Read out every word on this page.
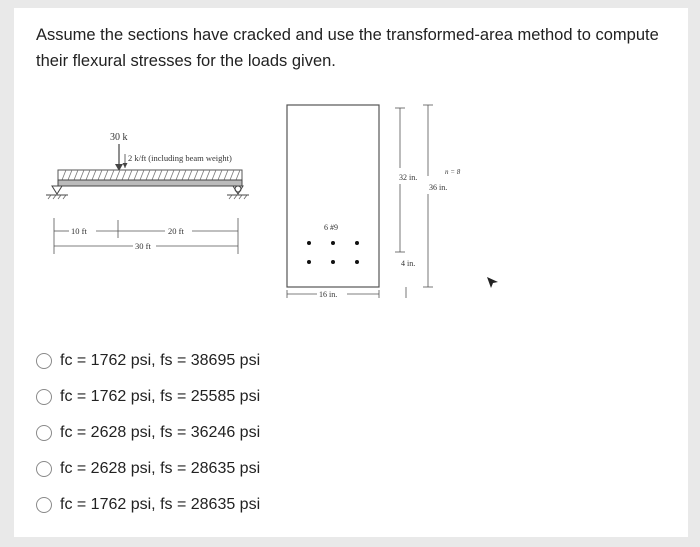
Assume the sections have cracked and use the transformed-area method to compute their flexural stresses for the loads given.
30 k
2 k/ft (including beam weight)
10 ft	20 ft
30 ft
6 #9
16 in.
32 in.
36 in.
n = 8
4 in.
fc = 1762 psi, fs = 38695 psi
fc = 1762 psi, fs = 25585 psi
fc = 2628 psi, fs = 36246 psi
fc = 2628 psi, fs = 28635 psi
fc = 1762 psi, fs = 28635 psi
